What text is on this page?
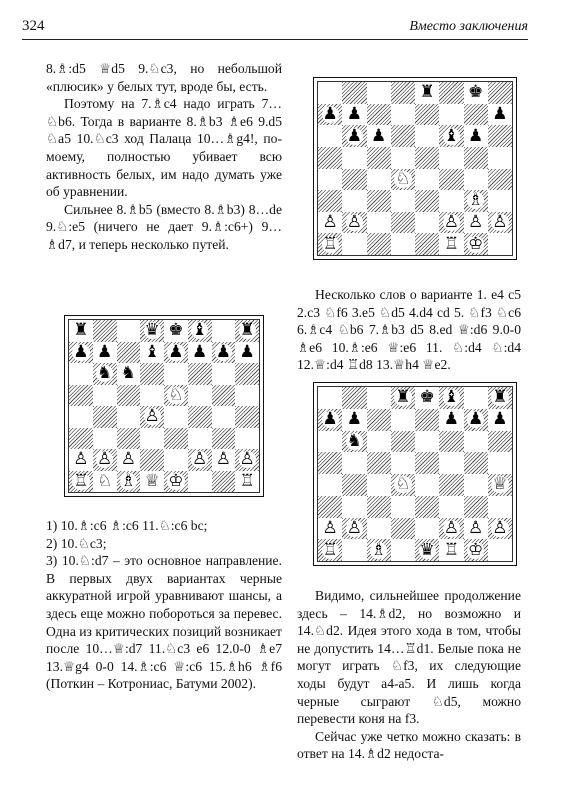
324	Вместо заключения

8.♗:d5 ♕d5 9.♘c3, но небольшой «плюсик» у белых тут, вроде бы, есть.

Поэтому на 7.♗c4 надо играть 7…♘b6. Тогда в варианте 8.♗b3 ♗e6 9.d5 ♘a5 10.♘c3 ход Палаца 10…♗g4!, по-моему, полностью убивает всю активность белых, им надо думать уже об уравнении.

Сильнее 8.♗b5 (вместо 8.♗b3) 8…de 9.♘:e5 (ничего не дает 9.♗:c6+) 9…♗d7, и теперь несколько путей.

♜	♛ ♚ ♝ ♜
♟ ♟ ♝ ♟ ♟ ♟ ♟
♞ ♞
♘
♙
♙ ♙ ♙	♙ ♙ ♙
♖ ♘ ♗ ♕ ♔	♖

1) 10.♗:c6 ♗:c6 11.♘:c6 bc;

2) 10.♘c3;

3) 10.♘:d7 – это основное направление. В первых двух вариантах черные аккуратной игрой уравнивают шансы, а здесь еще можно побороться за перевес. Одна из критических позиций возникает после 10…♕:d7 11.♘c3 e6 12.0-0 ♗e7 13.♕g4 0-0 14.♗:c6 ♕:c6 15.♗h6 ♗f6 (Поткин – Котрониас, Батуми 2002).

♜ ♚
♟ ♟	♟
♟ ♟	♝ ♟
♘
♗
♙ ♙	♙ ♙ ♙
♖	♖ ♔

Несколько слов о варианте 1. e4 c5 2.c3 ♘f6 3.e5 ♘d5 4.d4 cd 5. ♘f3 ♘c6 6.♗c4 ♘b6 7.♗b3 d5 8.ed ♕:d6 9.0-0 ♗e6 10.♗:e6 ♕:e6 11. ♘:d4 ♘:d4 12.♕:d4 ♖d8 13.♕h4 ♕e2.

♜ ♚ ♝ ♜
♟ ♟	♟ ♟ ♟
♞
♘	♕
♙ ♙	♙ ♙ ♙
♖ ♗ ♛ ♖ ♔

Видимо, сильнейшее продолжение здесь – 14.♗d2, но возможно и 14.♘d2. Идея этого хода в том, чтобы не допустить 14…♖d1. Белые пока не могут играть ♘f3, их следующие ходы будут a4-a5. И лишь когда черные сыграют ♘d5, можно перевести коня на f3.

Сейчас уже четко можно сказать: в ответ на 14.♗d2 недоста-
